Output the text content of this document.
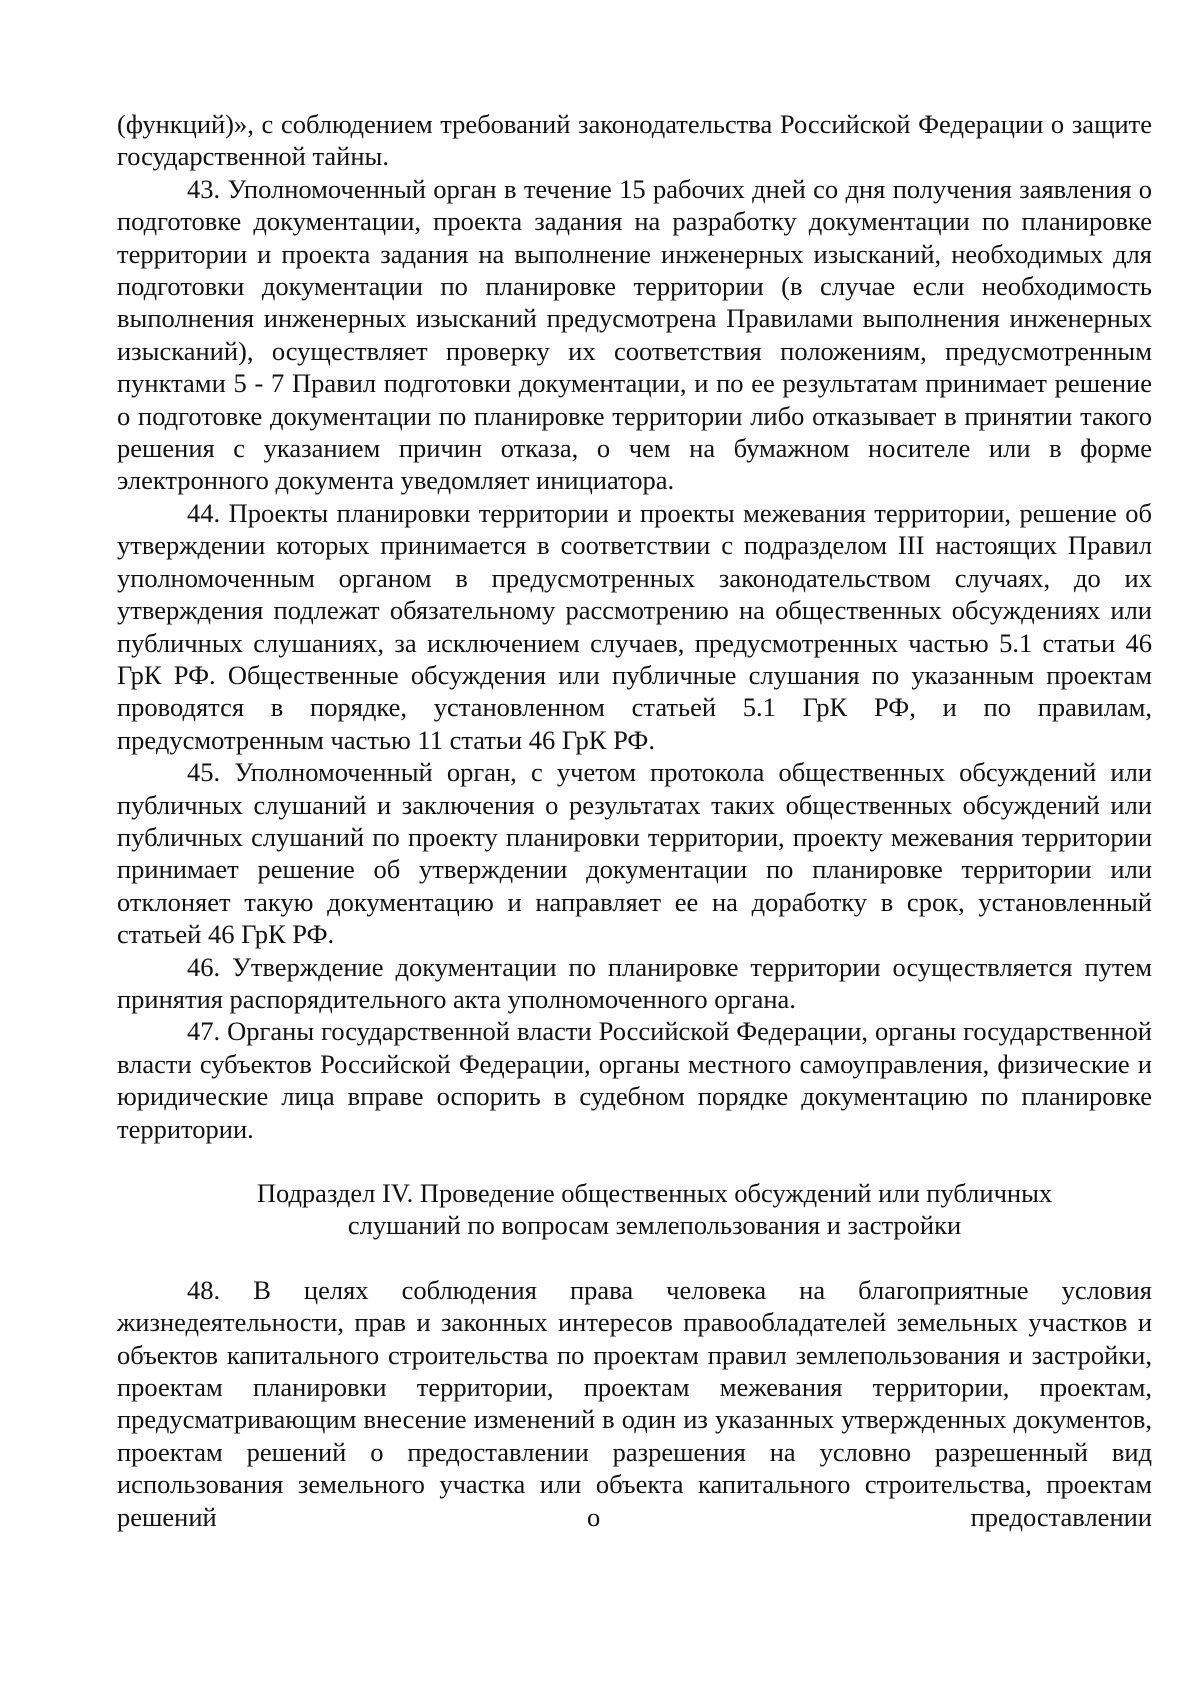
(функций)», с соблюдением требований законодательства Российской Федерации о защите государственной тайны.

43. Уполномоченный орган в течение 15 рабочих дней со дня получения заявления о подготовке документации, проекта задания на разработку документации по планировке территории и проекта задания на выполнение инженерных изысканий, необходимых для подготовки документации по планировке территории (в случае если необходимость выполнения инженерных изысканий предусмотрена Правилами выполнения инженерных изысканий), осуществляет проверку их соответствия положениям, предусмотренным пунктами 5 - 7 Правил подготовки документации, и по ее результатам принимает решение о подготовке документации по планировке территории либо отказывает в принятии такого решения с указанием причин отказа, о чем на бумажном носителе или в форме электронного документа уведомляет инициатора.

44. Проекты планировки территории и проекты межевания территории, решение об утверждении которых принимается в соответствии с подразделом III настоящих Правил уполномоченным органом в предусмотренных законодательством случаях, до их утверждения подлежат обязательному рассмотрению на общественных обсуждениях или публичных слушаниях, за исключением случаев, предусмотренных частью 5.1 статьи 46 ГрК РФ. Общественные обсуждения или публичные слушания по указанным проектам проводятся в порядке, установленном статьей 5.1 ГрК РФ, и по правилам, предусмотренным частью 11 статьи 46 ГрК РФ.

45. Уполномоченный орган, с учетом протокола общественных обсуждений или публичных слушаний и заключения о результатах таких общественных обсуждений или публичных слушаний по проекту планировки территории, проекту межевания территории принимает решение об утверждении документации по планировке территории или отклоняет такую документацию и направляет ее на доработку в срок, установленный статьей 46 ГрК РФ.

46. Утверждение документации по планировке территории осуществляется путем принятия распорядительного акта уполномоченного органа.

47. Органы государственной власти Российской Федерации, органы государственной власти субъектов Российской Федерации, органы местного самоуправления, физические и юридические лица вправе оспорить в судебном порядке документацию по планировке территории.

Подраздел IV. Проведение общественных обсуждений или публичных
слушаний по вопросам землепользования и застройки

48. В целях соблюдения права человека на благоприятные условия жизнедеятельности, прав и законных интересов правообладателей земельных участков и объектов капитального строительства по проектам правил землепользования и застройки, проектам планировки территории, проектам межевания территории, проектам, предусматривающим внесение изменений в один из указанных утвержденных документов, проектам решений о предоставлении разрешения на условно разрешенный вид использования земельного участка или объекта капитального строительства, проектам решений о предоставлении
